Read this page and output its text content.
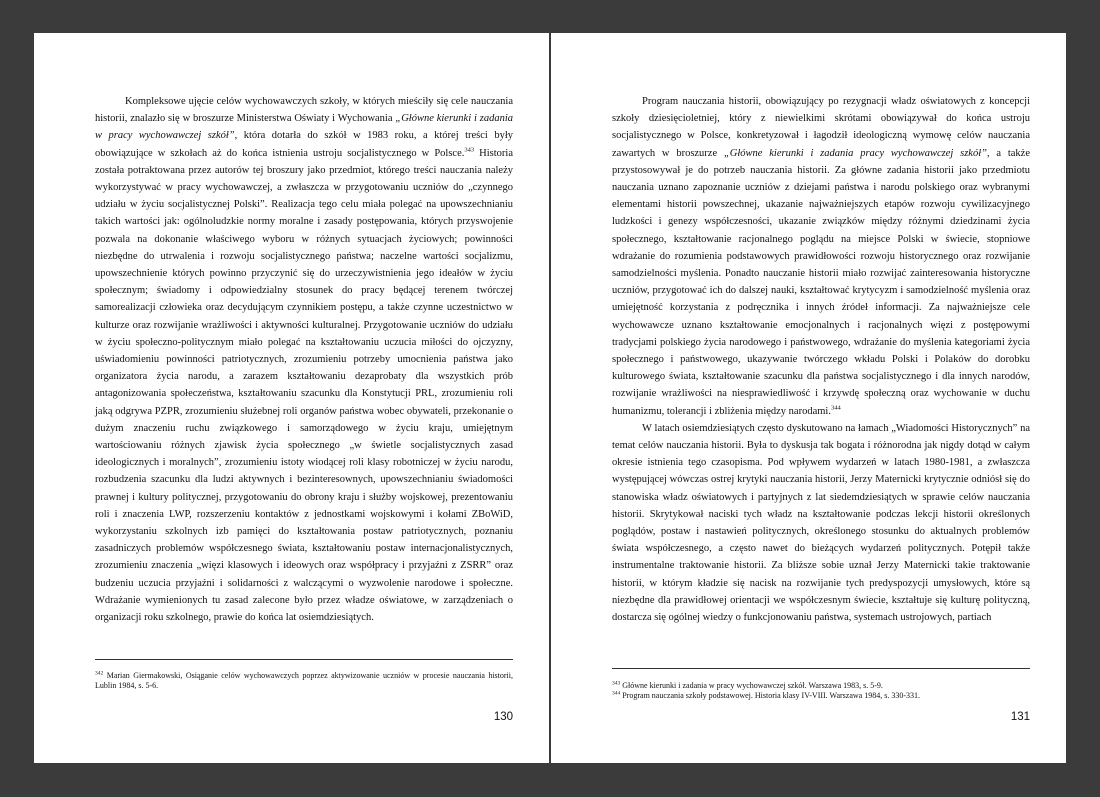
Kompleksowe ujęcie celów wychowawczych szkoły, w których mieściły się cele nauczania historii, znalazło się w broszurze Ministerstwa Oświaty i Wychowania „Główne kierunki i zadania w pracy wychowawczej szkół”, która dotarła do szkół w 1983 roku, a której treści były obowiązujące w szkołach aż do końca istnienia ustroju socjalistycznego w Polsce.$^{343}$ Historia została potraktowana przez autorów tej broszury jako przedmiot, którego treści nauczania należy wykorzystywać w pracy wychowawczej, a zwłaszcza w przygotowaniu uczniów do „czynnego udziału w życiu socjalistycznej Polski”. Realizacja tego celu miała polegać na upowszechnianiu takich wartości jak: ogólnoludzkie normy moralne i zasady postępowania, których przyswojenie pozwala na dokonanie właściwego wyboru w różnych sytuacjach życiowych; powinności niezbędne do utrwalenia i rozwoju socjalistycznego państwa; naczelne wartości socjalizmu, upowszechnienie których powinno przyczynić się do urzeczywistnienia jego ideałów w życiu społecznym; świadomy i odpowiedzialny stosunek do pracy będącej terenem twórczej samorealizacji człowieka oraz decydującym czynnikiem postępu, a także czynne uczestnictwo w kulturze oraz rozwijanie wrażliwości i aktywności kulturalnej. Przygotowanie uczniów do udziału w życiu społeczno-politycznym miało polegać na kształtowaniu uczucia miłości do ojczyzny, uświadomieniu powinności patriotycznych, zrozumieniu potrzeby umocnienia państwa jako organizatora życia narodu, a zarazem kształtowaniu dezaprobaty dla wszystkich prób antagonizowania społeczeństwa, kształtowaniu szacunku dla Konstytucji PRL, zrozumieniu roli jaką odgrywa PZPR, zrozumieniu służebnej roli organów państwa wobec obywateli, przekonanie o dużym znaczeniu ruchu związkowego i samorządowego w życiu kraju, umiejętnym wartościowaniu różnych zjawisk życia społecznego „w świetle socjalistycznych zasad ideologicznych i moralnych”, zrozumieniu istoty wiodącej roli klasy robotniczej w życiu narodu, rozbudzenia szacunku dla ludzi aktywnych i bezinteresownych, upowszechnianiu świadomości prawnej i kultury politycznej, przygotowaniu do obrony kraju i służby wojskowej, prezentowaniu roli i znaczenia LWP, rozszerzeniu kontaktów z jednostkami wojskowymi i kołami ZBoWiD, wykorzystaniu szkolnych izb pamięci do kształtowania postaw patriotycznych, poznaniu zasadniczych problemów współczesnego świata, kształtowaniu postaw internacjonalistycznych, zrozumieniu znaczenia „więzi klasowych i ideowych oraz współpracy i przyjaźni z ZSRR” oraz budzeniu uczucia przyjaźni i solidarności z walczącymi o wyzwolenie narodowe i społeczne. Wdrażanie wymienionych tu zasad zalecone było przez władze oświatowe, w zarządzeniach o organizacji roku szkolnego, prawie do końca lat osiemdziesiątych.

$^{342}$ Marian Giermakowski, Osiąganie celów wychowawczych poprzez aktywizowanie uczniów w procesie nauczania historii, Lublin 1984, s. 5-6.
130

Program nauczania historii, obowiązujący po rezygnacji władz oświatowych z koncepcji szkoły dziesięcioletniej, który z niewielkimi skrótami obowiązywał do końca ustroju socjalistycznego w Polsce, konkretyzował i łagodził ideologiczną wymowę celów nauczania zawartych w broszurze „Główne kierunki i zadania pracy wychowawczej szkół”, a także przystosowywał je do potrzeb nauczania historii. Za główne zadania historii jako przedmiotu nauczania uznano zapoznanie uczniów z dziejami państwa i narodu polskiego oraz wybranymi elementami historii powszechnej, ukazanie najważniejszych etapów rozwoju cywilizacyjnego ludzkości i genezy współczesności, ukazanie związków między różnymi dziedzinami życia społecznego, kształtowanie racjonalnego poglądu na miejsce Polski w świecie, stopniowe wdrażanie do rozumienia podstawowych prawidłowości rozwoju historycznego oraz rozwijanie samodzielności myślenia. Ponadto nauczanie historii miało rozwijać zainteresowania historyczne uczniów, przygotować ich do dalszej nauki, kształtować krytycyzm i samodzielność myślenia oraz umiejętność korzystania z podręcznika i innych źródeł informacji. Za najważniejsze cele wychowawcze uznano kształtowanie emocjonalnych i racjonalnych więzi z postępowymi tradycjami polskiego życia narodowego i państwowego, wdrażanie do myślenia kategoriami życia społecznego i państwowego, ukazywanie twórczego wkładu Polski i Polaków do dorobku kulturowego świata, kształtowanie szacunku dla państwa socjalistycznego i dla innych narodów, rozwijanie wrażliwości na niesprawiedliwość i krzywdę społeczną oraz wychowanie w duchu humanizmu, tolerancji i zbliżenia między narodami.$^{344}$

W latach osiemdziesiątych często dyskutowano na łamach „Wiadomości Historycznych” na temat celów nauczania historii. Była to dyskusja tak bogata i różnorodna jak nigdy dotąd w całym okresie istnienia tego czasopisma. Pod wpływem wydarzeń w latach 1980-1981, a zwłaszcza występującej wówczas ostrej krytyki nauczania historii, Jerzy Maternicki krytycznie odniósł się do stanowiska władz oświatowych i partyjnych z lat siedemdziesiątych w sprawie celów nauczania historii. Skrytykował naciski tych władz na kształtowanie podczas lekcji historii określonych poglądów, postaw i nastawień politycznych, określonego stosunku do aktualnych problemów świata współczesnego, a często nawet do bieżących wydarzeń politycznych. Potępił także instrumentalne traktowanie historii. Za bliższe sobie uznał Jerzy Maternicki takie traktowanie historii, w którym kładzie się nacisk na rozwijanie tych predyspozycji umysłowych, które są niezbędne dla prawidłowej orientacji we współczesnym świecie, kształtuje się kulturę polityczną, dostarcza się ogólnej wiedzy o funkcjonowaniu państwa, systemach ustrojowych, partiach

$^{343}$ Główne kierunki i zadania w pracy wychowawczej szkół. Warszawa 1983, s. 5-9.
$^{344}$ Program nauczania szkoły podstawowej. Historia klasy IV-VIII. Warszawa 1984, s. 330-331.
131
